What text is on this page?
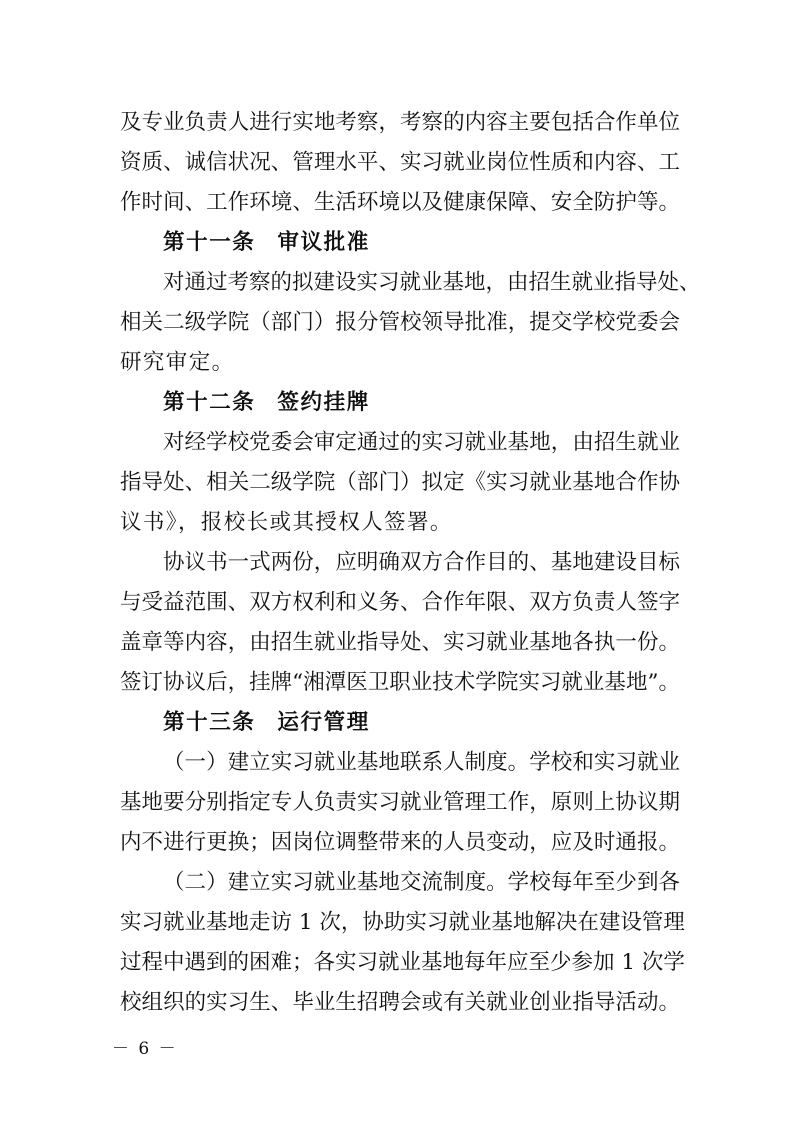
及专业负责人进行实地考察，考察的内容主要包括合作单位
资质、诚信状况、管理水平、实习就业岗位性质和内容、工
作时间、工作环境、生活环境以及健康保障、安全防护等。
第十一条 审议批准
对通过考察的拟建设实习就业基地，由招生就业指导处、
相关二级学院（部门）报分管校领导批准，提交学校党委会
研究审定。
第十二条 签约挂牌
对经学校党委会审定通过的实习就业基地，由招生就业
指导处、相关二级学院（部门）拟定《实习就业基地合作协
议书》，报校长或其授权人签署。
协议书一式两份，应明确双方合作目的、基地建设目标
与受益范围、双方权利和义务、合作年限、双方负责人签字
盖章等内容，由招生就业指导处、实习就业基地各执一份。
签订协议后，挂牌“湘潭医卫职业技术学院实习就业基地”。
第十三条 运行管理
（一）建立实习就业基地联系人制度。学校和实习就业
基地要分别指定专人负责实习就业管理工作，原则上协议期
内不进行更换；因岗位调整带来的人员变动，应及时通报。
（二）建立实习就业基地交流制度。学校每年至少到各
实习就业基地走访 1 次，协助实习就业基地解决在建设管理
过程中遇到的困难；各实习就业基地每年应至少参加 1 次学
校组织的实习生、毕业生招聘会或有关就业创业指导活动。
－ 6 －
